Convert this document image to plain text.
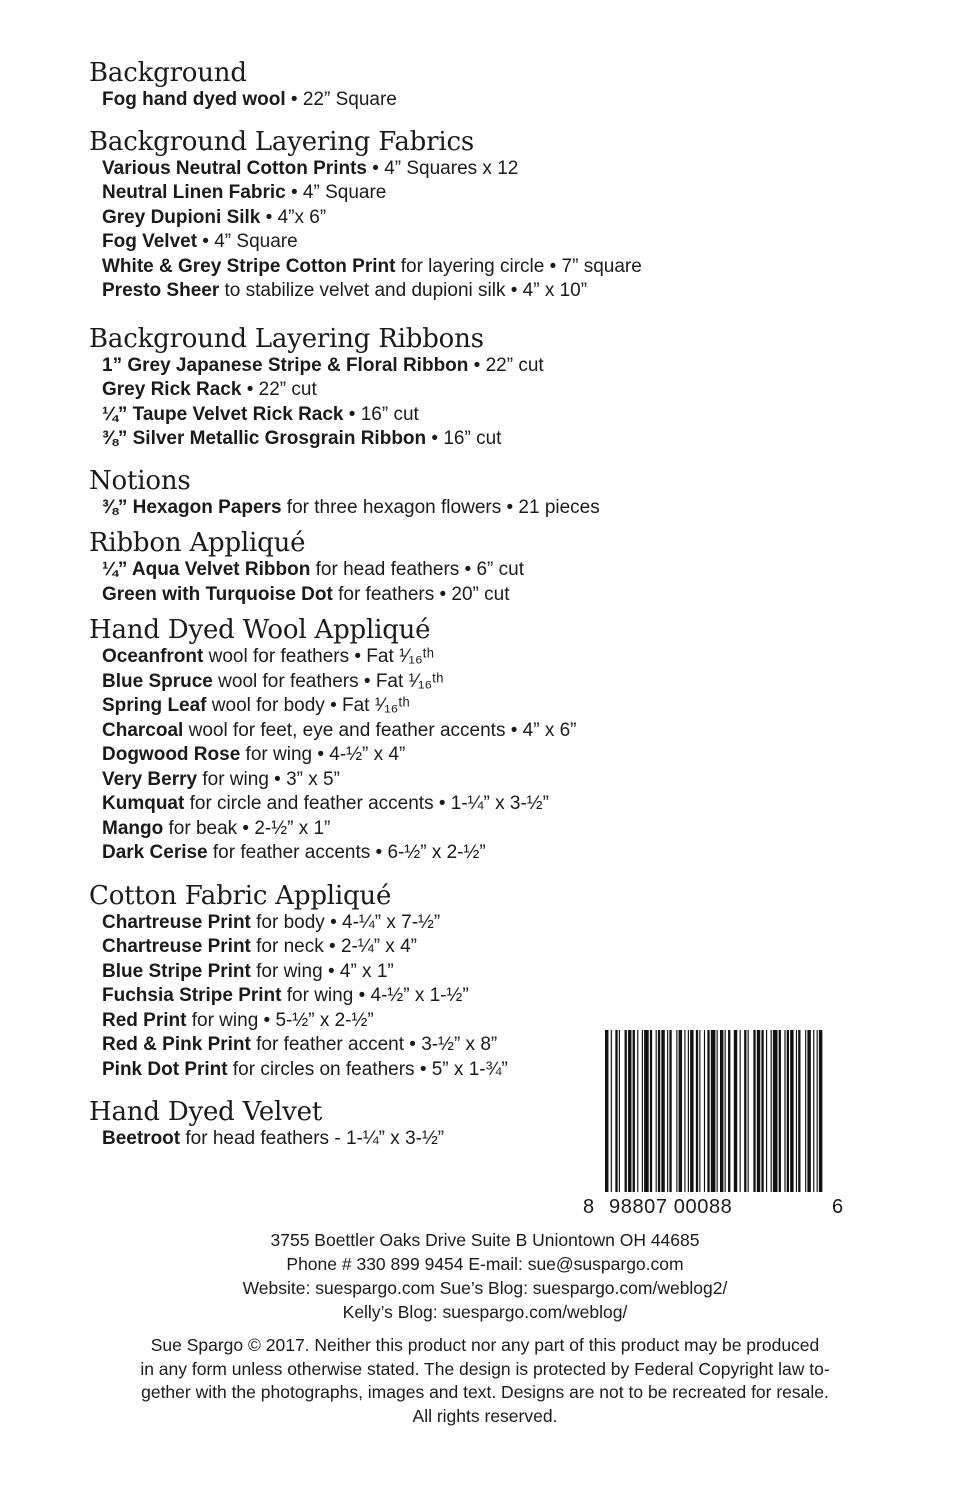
Background
Fog hand dyed wool • 22” Square
Background Layering Fabrics
Various Neutral Cotton Prints • 4” Squares x 12
Neutral Linen Fabric • 4” Square
Grey Dupioni Silk • 4”x 6”
Fog Velvet • 4” Square
White & Grey Stripe Cotton Print for layering circle • 7” square
Presto Sheer to stabilize velvet and dupioni silk • 4” x 10”
Background Layering Ribbons
1” Grey Japanese Stripe & Floral Ribbon • 22” cut
Grey Rick Rack • 22” cut
¼” Taupe Velvet Rick Rack • 16” cut
⅜” Silver Metallic Grosgrain Ribbon • 16” cut
Notions
⅜” Hexagon Papers for three hexagon flowers • 21 pieces
Ribbon Appliqué
¼” Aqua Velvet Ribbon for head feathers • 6” cut
Green with Turquoise Dot for feathers • 20” cut
Hand Dyed Wool Appliqué
Oceanfront wool for feathers • Fat ¹⁄₁₆ᵗʰ
Blue Spruce wool for feathers • Fat ¹⁄₁₆ᵗʰ
Spring Leaf wool for body • Fat ¹⁄₁₆ᵗʰ
Charcoal wool for feet, eye and feather accents • 4” x 6”
Dogwood Rose for wing • 4-½” x 4”
Very Berry for wing • 3” x 5”
Kumquat for circle and feather accents • 1-¼” x 3-½”
Mango for beak • 2-½” x 1”
Dark Cerise for feather accents • 6-½” x 2-½”
Cotton Fabric Appliqué
Chartreuse Print for body • 4-¼” x 7-½”
Chartreuse Print for neck • 2-¼” x 4”
Blue Stripe Print for wing • 4” x 1”
Fuchsia Stripe Print for wing • 4-½” x 1-½”
Red Print for wing • 5-½” x 2-½”
Red & Pink Print for feather accent • 3-½” x 8”
Pink Dot Print for circles on feathers • 5” x 1-¾”
Hand Dyed Velvet
Beetroot for head feathers - 1-¼” x 3-½”
8 98807 00088	6
3755 Boettler Oaks Drive Suite B Uniontown OH 44685
Phone # 330 899 9454 E-mail: sue@suspargo.com
Website: suespargo.com Sue’s Blog: suespargo.com/weblog2/
Kelly’s Blog: suespargo.com/weblog/
Sue Spargo © 2017. Neither this product nor any part of this product may be produced
in any form unless otherwise stated. The design is protected by Federal Copyright law to-
gether with the photographs, images and text. Designs are not to be recreated for resale.
All rights reserved.
